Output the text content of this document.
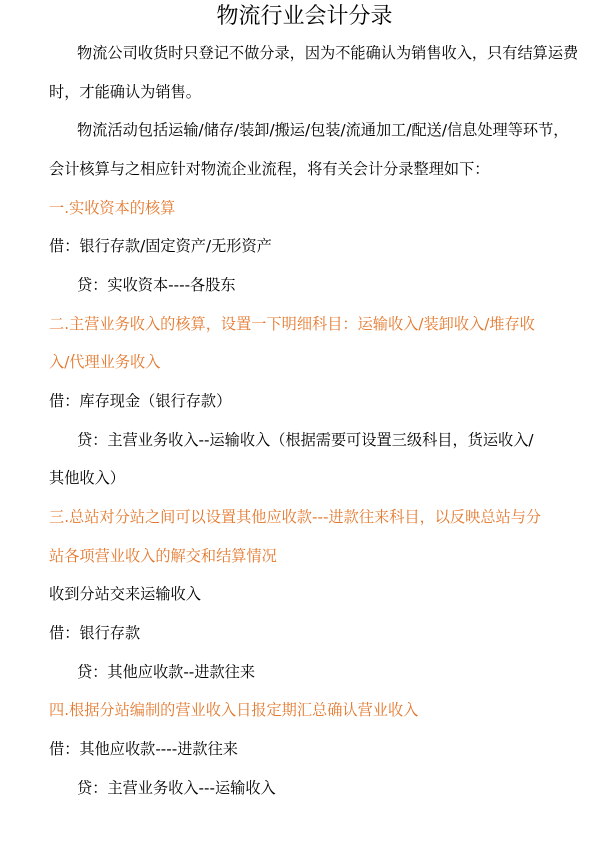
物流行业会计分录
物流公司收货时只登记不做分录，因为不能确认为销售收入，只有结算运费
时，才能确认为销售。
物流活动包括运输/储存/装卸/搬运/包装/流通加工/配送/信息处理等环节，
会计核算与之相应针对物流企业流程，将有关会计分录整理如下：
一.实收资本的核算
借：银行存款/固定资产/无形资产
贷：实收资本----各股东
二.主营业务收入的核算，设置一下明细科目：运输收入/装卸收入/堆存收
入/代理业务收入
借：库存现金（银行存款）
贷：主营业务收入--运输收入（根据需要可设置三级科目，货运收入/
其他收入）
三.总站对分站之间可以设置其他应收款---进款往来科目，以反映总站与分
站各项营业收入的解交和结算情况
收到分站交来运输收入
借：银行存款
贷：其他应收款--进款往来
四.根据分站编制的营业收入日报定期汇总确认营业收入
借：其他应收款----进款往来
贷：主营业务收入---运输收入
